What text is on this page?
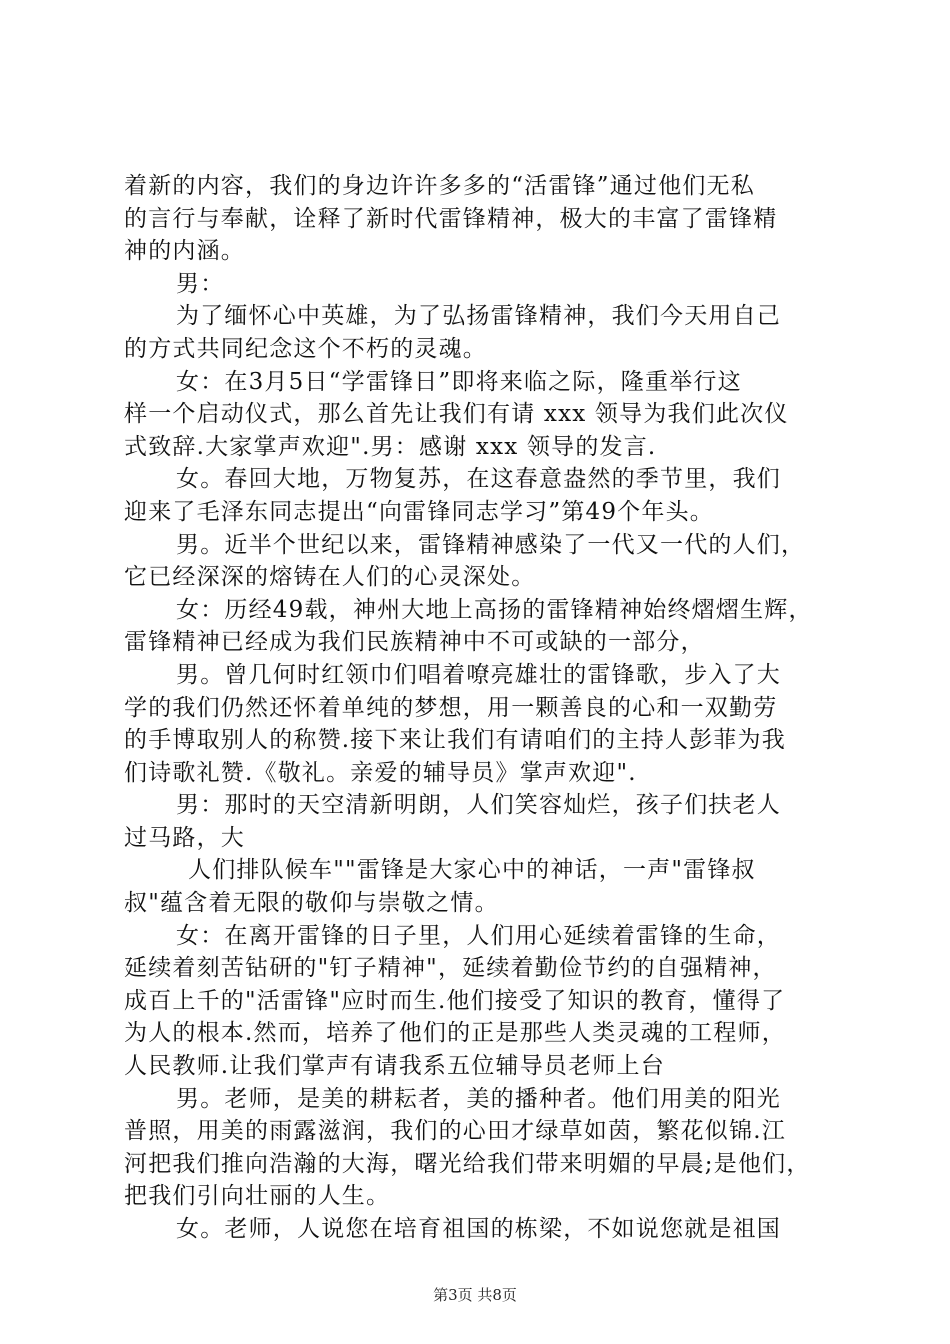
着新的内容，我们的身边许许多多的“活雷锋”通过他们无私
的言行与奉献，诠释了新时代雷锋精神，极大的丰富了雷锋精
神的内涵。
男：
为了缅怀心中英雄，为了弘扬雷锋精神，我们今天用自己
的方式共同纪念这个不朽的灵魂。
女：在3月5日“学雷锋日”即将来临之际，隆重举行这
样一个启动仪式，那么首先让我们有请 xxx 领导为我们此次仪
式致辞.大家掌声欢迎".男：感谢 xxx 领导的发言.
女。春回大地，万物复苏，在这春意盎然的季节里，我们
迎来了毛泽东同志提出“向雷锋同志学习”第49个年头。
男。近半个世纪以来，雷锋精神感染了一代又一代的人们，
它已经深深的熔铸在人们的心灵深处。
女：历经49载，神州大地上高扬的雷锋精神始终熠熠生辉，
雷锋精神已经成为我们民族精神中不可或缺的一部分，
男。曾几何时红领巾们唱着嘹亮雄壮的雷锋歌，步入了大
学的我们仍然还怀着单纯的梦想，用一颗善良的心和一双勤劳
的手博取别人的称赞.接下来让我们有请咱们的主持人彭菲为我
们诗歌礼赞.《敬礼。亲爱的辅导员》掌声欢迎".
男：那时的天空清新明朗，人们笑容灿烂，孩子们扶老人
过马路，大
人们排队候车""雷锋是大家心中的神话，一声"雷锋叔
叔"蕴含着无限的敬仰与崇敬之情。
女：在离开雷锋的日子里，人们用心延续着雷锋的生命，
延续着刻苦钻研的"钉子精神"，延续着勤俭节约的自强精神，
成百上千的"活雷锋"应时而生.他们接受了知识的教育，懂得了
为人的根本.然而，培养了他们的正是那些人类灵魂的工程师，
人民教师.让我们掌声有请我系五位辅导员老师上台
男。老师，是美的耕耘者，美的播种者。他们用美的阳光
普照，用美的雨露滋润，我们的心田才绿草如茵，繁花似锦.江
河把我们推向浩瀚的大海，曙光给我们带来明媚的早晨;是他们，
把我们引向壮丽的人生。
女。老师，人说您在培育祖国的栋梁，不如说您就是祖国
第3页 共8页
